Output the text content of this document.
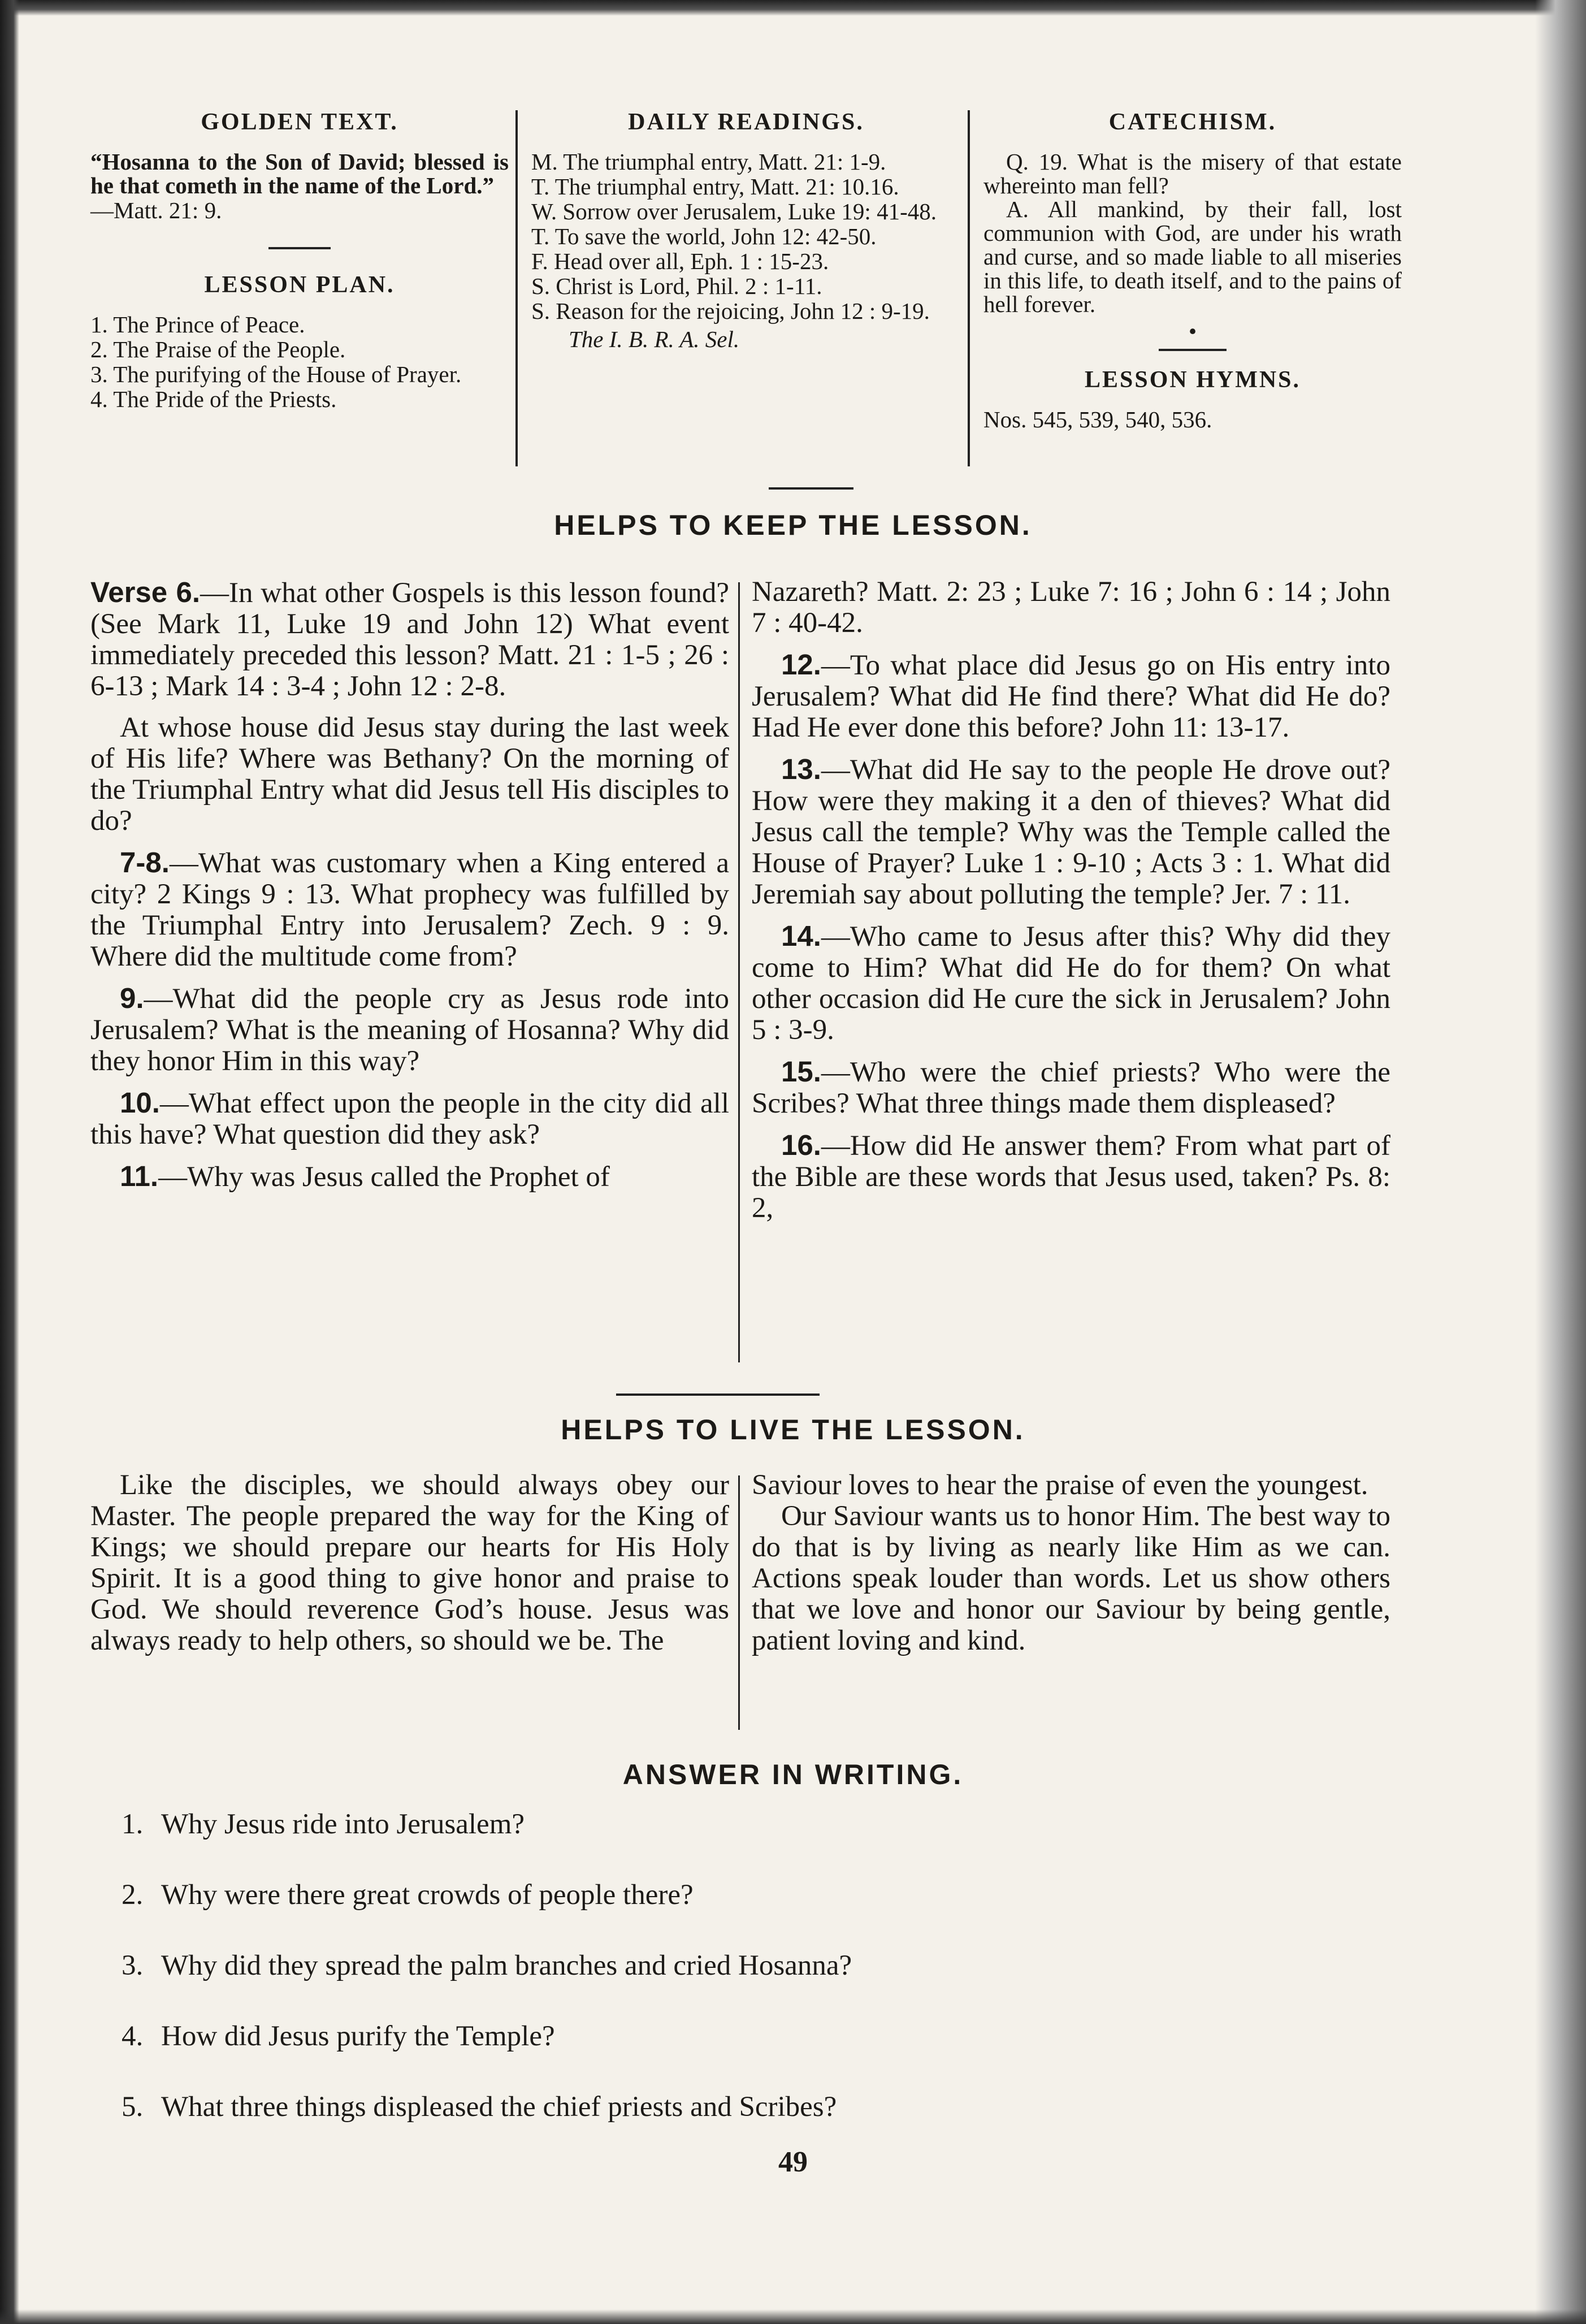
GOLDEN TEXT.
“Hosanna to the Son of David; blessed is he that cometh in the name of the Lord.”
—Matt. 21: 9.
LESSON PLAN.
1. The Prince of Peace.
2. The Praise of the People.
3. The purifying of the House of Prayer.
4. The Pride of the Priests.
DAILY READINGS.
M. The triumphal entry, Matt. 21: 1-9.
T. The triumphal entry, Matt. 21: 10.16.
W. Sorrow over Jerusalem, Luke 19: 41-48.
T. To save the world, John 12: 42-50.
F. Head over all, Eph. 1 : 15-23.
S. Christ is Lord, Phil. 2 : 1-11.
S. Reason for the rejoicing, John 12 : 9-19.
The I. B. R. A. Sel.
CATECHISM.
Q. 19. What is the misery of that estate whereinto man fell?
A. All mankind, by their fall, lost communion with God, are under his wrath and curse, and so made liable to all miseries in this life, to death itself, and to the pains of hell forever.
•
LESSON HYMNS.
Nos. 545, 539, 540, 536.
HELPS TO KEEP THE LESSON.
Verse 6.—In what other Gospels is this lesson found? (See Mark 11, Luke 19 and John 12) What event immediately preceded this lesson? Matt. 21 : 1-5 ; 26 : 6-13 ; Mark 14 : 3-4 ; John 12 : 2-8.
At whose house did Jesus stay during the last week of His life? Where was Bethany? On the morning of the Triumphal Entry what did Jesus tell His disciples to do?
7-8.—What was customary when a King entered a city? 2 Kings 9 : 13. What prophecy was fulfilled by the Triumphal Entry into Jerusalem? Zech. 9 : 9. Where did the multitude come from?
9.—What did the people cry as Jesus rode into Jerusalem? What is the meaning of Hosanna? Why did they honor Him in this way?
10.—What effect upon the people in the city did all this have? What question did they ask?
11.—Why was Jesus called the Prophet of
Nazareth? Matt. 2: 23 ; Luke 7: 16 ; John 6 : 14 ; John 7 : 40-42.
12.—To what place did Jesus go on His entry into Jerusalem? What did He find there? What did He do? Had He ever done this before? John 11: 13-17.
13.—What did He say to the people He drove out? How were they making it a den of thieves? What did Jesus call the temple? Why was the Temple called the House of Prayer? Luke 1 : 9-10 ; Acts 3 : 1. What did Jeremiah say about polluting the temple? Jer. 7 : 11.
14.—Who came to Jesus after this? Why did they come to Him? What did He do for them? On what other occasion did He cure the sick in Jerusalem? John 5 : 3-9.
15.—Who were the chief priests? Who were the Scribes? What three things made them displeased?
16.—How did He answer them? From what part of the Bible are these words that Jesus used, taken? Ps. 8: 2,
HELPS TO LIVE THE LESSON.
Like the disciples, we should always obey our Master. The people prepared the way for the King of Kings; we should prepare our hearts for His Holy Spirit. It is a good thing to give honor and praise to God. We should reverence God’s house. Jesus was always ready to help others, so should we be. The
Saviour loves to hear the praise of even the youngest.
Our Saviour wants us to honor Him. The best way to do that is by living as nearly like Him as we can. Actions speak louder than words. Let us show others that we love and honor our Saviour by being gentle, patient loving and kind.
ANSWER IN WRITING.
1. Why Jesus ride into Jerusalem?
2. Why were there great crowds of people there?
3. Why did they spread the palm branches and cried Hosanna?
4. How did Jesus purify the Temple?
5. What three things displeased the chief priests and Scribes?
49
